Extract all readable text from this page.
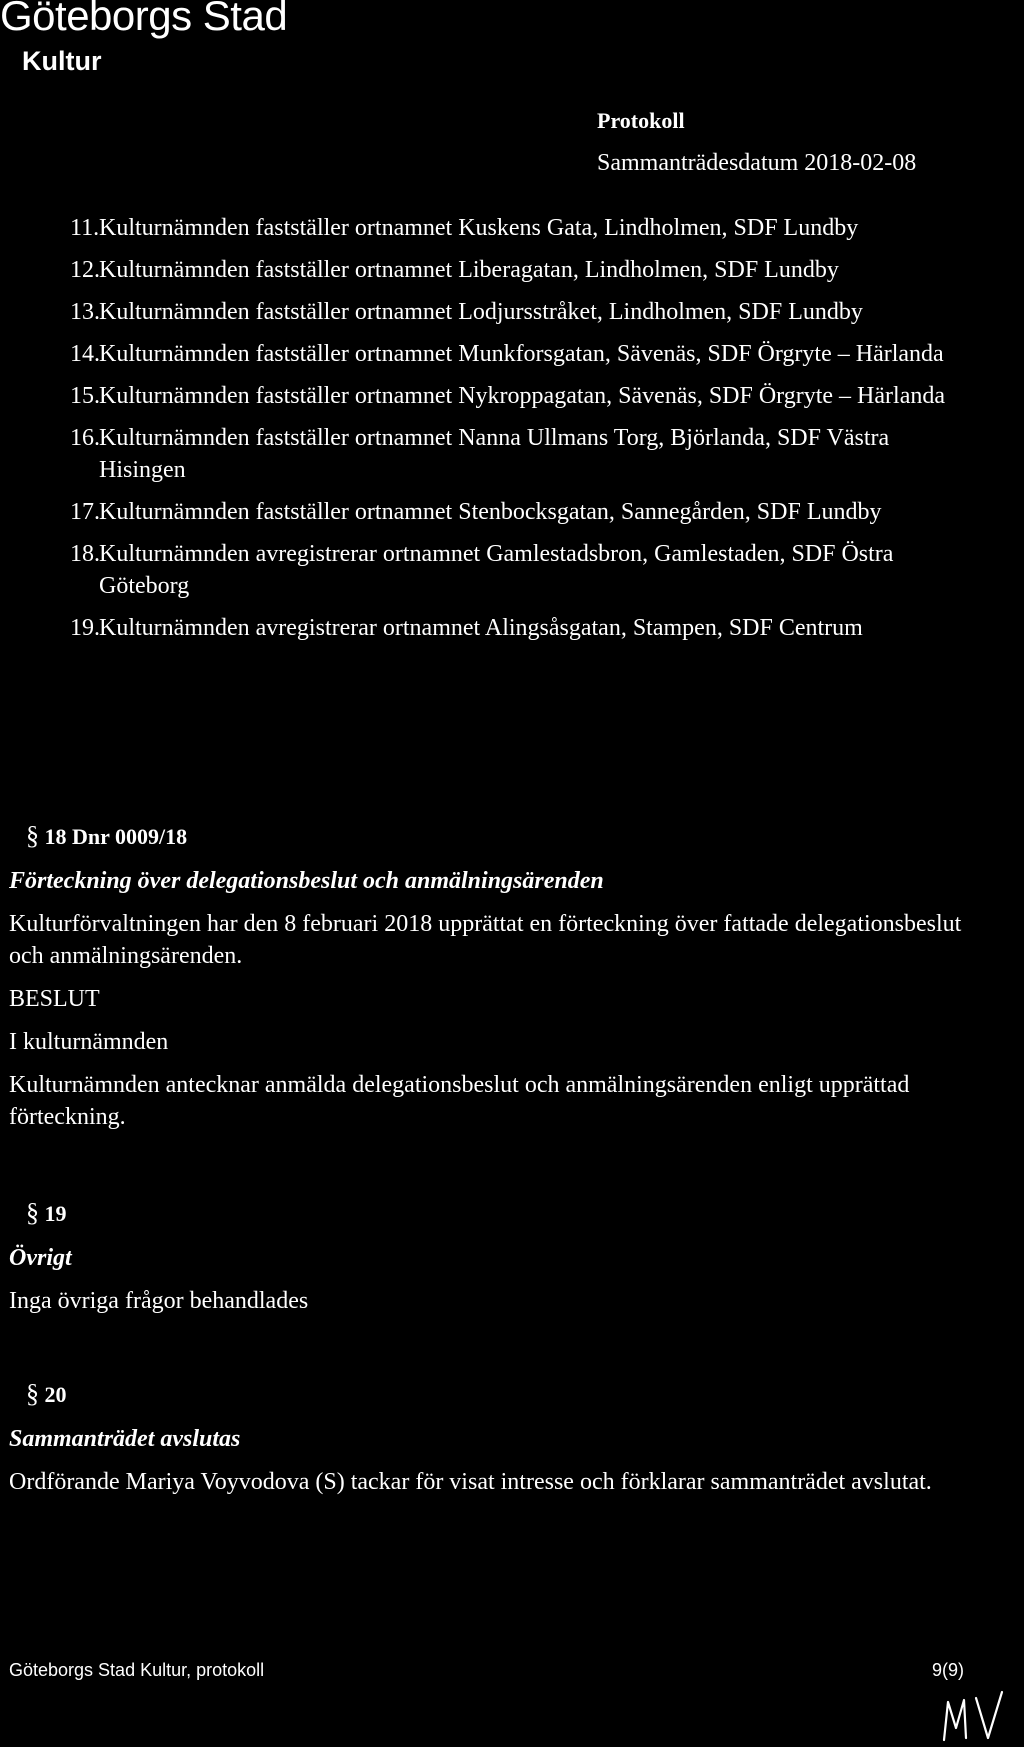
Göteborgs Stad
Kultur
Protokoll
Sammanträdesdatum 2018-02-08
11 . Kulturnämnden fastställer ortnamnet Kuskens Gata, Lindholmen, SDF Lundby
12 . Kulturnämnden fastställer ortnamnet Liberagatan, Lindholmen, SDF Lundby
13 . Kulturnämnden fastställer ortnamnet Lodjursstråket, Lindholmen, SDF Lundby
14 . Kulturnämnden fastställer ortnamnet Munkforsgatan, Sävenäs, SDF Örgryte – Härlanda
15 . Kulturnämnden fastställer ortnamnet Nykroppagatan, Sävenäs, SDF Örgryte – Härlanda
16 . Kulturnämnden fastställer ortnamnet Nanna Ullmans Torg, Björlanda, SDF Västra Hisingen
17 . Kulturnämnden fastställer ortnamnet Stenbocksgatan, Sannegården, SDF Lundby
18 . Kulturnämnden avregistrerar ortnamnet Gamlestadsbron, Gamlestaden, SDF Östra Göteborg
19 . Kulturnämnden avregistrerar ortnamnet Alingsåsgatan, Stampen, SDF Centrum
§ 18 Dnr 0009/18
Förteckning över delegationsbeslut och anmälningsärenden

Kulturförvaltningen har den 8 februari 2018 upprättat en förteckning över fattade delegationsbeslut och anmälningsärenden.

BESLUT

I kulturnämnden

Kulturnämnden antecknar anmälda delegationsbeslut och anmälningsärenden enligt upprättad förteckning.

§ 19
Övrigt

Inga övriga frågor behandlades

§ 20
Sammanträdet avslutas

Ordförande Mariya Voyvodova (S) tackar för visat intresse och förklarar sammanträdet avslutat.

Göteborgs Stad Kultur, protokoll	9(9)
